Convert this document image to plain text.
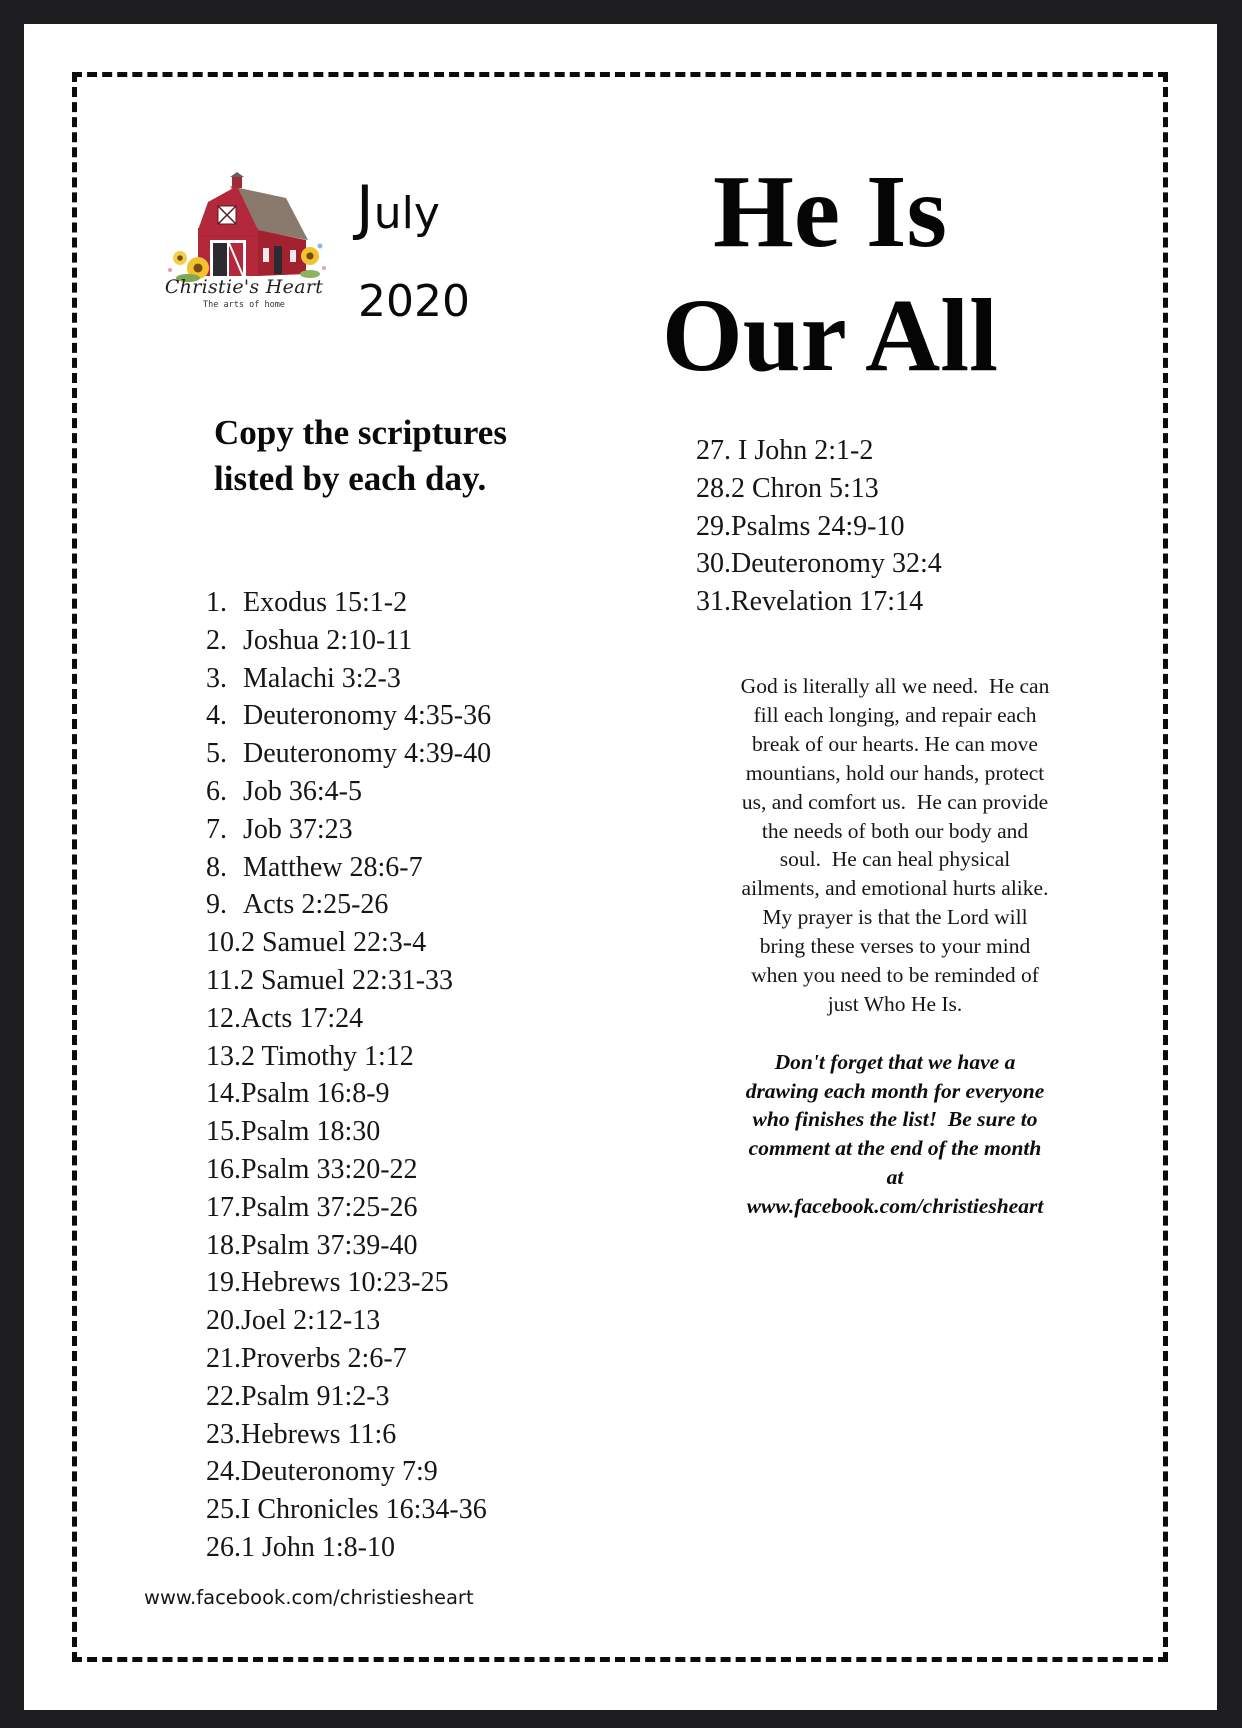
Christie's Heart
The arts of home
July
2020
He Is
Our All
Copy the scriptures
listed by each day.
1. Exodus 15:1-2
2. Joshua 2:10-11
3. Malachi 3:2-3
4. Deuteronomy 4:35-36
5. Deuteronomy 4:39-40
6. Job 36:4-5
7. Job 37:23
8. Matthew 28:6-7
9. Acts 2:25-26
10. 2 Samuel 22:3-4
11. 2 Samuel 22:31-33
12. Acts 17:24
13. 2 Timothy 1:12
14. Psalm 16:8-9
15. Psalm 18:30
16. Psalm 33:20-22
17. Psalm 37:25-26
18. Psalm 37:39-40
19. Hebrews 10:23-25
20. Joel 2:12-13
21. Proverbs 2:6-7
22. Psalm 91:2-3
23. Hebrews 11:6
24. Deuteronomy 7:9
25. I Chronicles 16:34-36
26. 1 John 1:8-10
27. I John 2:1-2
28. 2 Chron 5:13
29. Psalms 24:9-10
30. Deuteronomy 32:4
31. Revelation 17:14
God is literally all we need.  He can
fill each longing, and repair each
break of our hearts. He can move
mountians, hold our hands, protect
us, and comfort us.  He can provide
the needs of both our body and
soul.  He can heal physical
ailments, and emotional hurts alike.
My prayer is that the Lord will
bring these verses to your mind
when you need to be reminded of
just Who He Is.
Don't forget that we have a
drawing each month for everyone
who finishes the list!  Be sure to
comment at the end of the month
at
www.facebook.com/christiesheart
www.facebook.com/christiesheart
